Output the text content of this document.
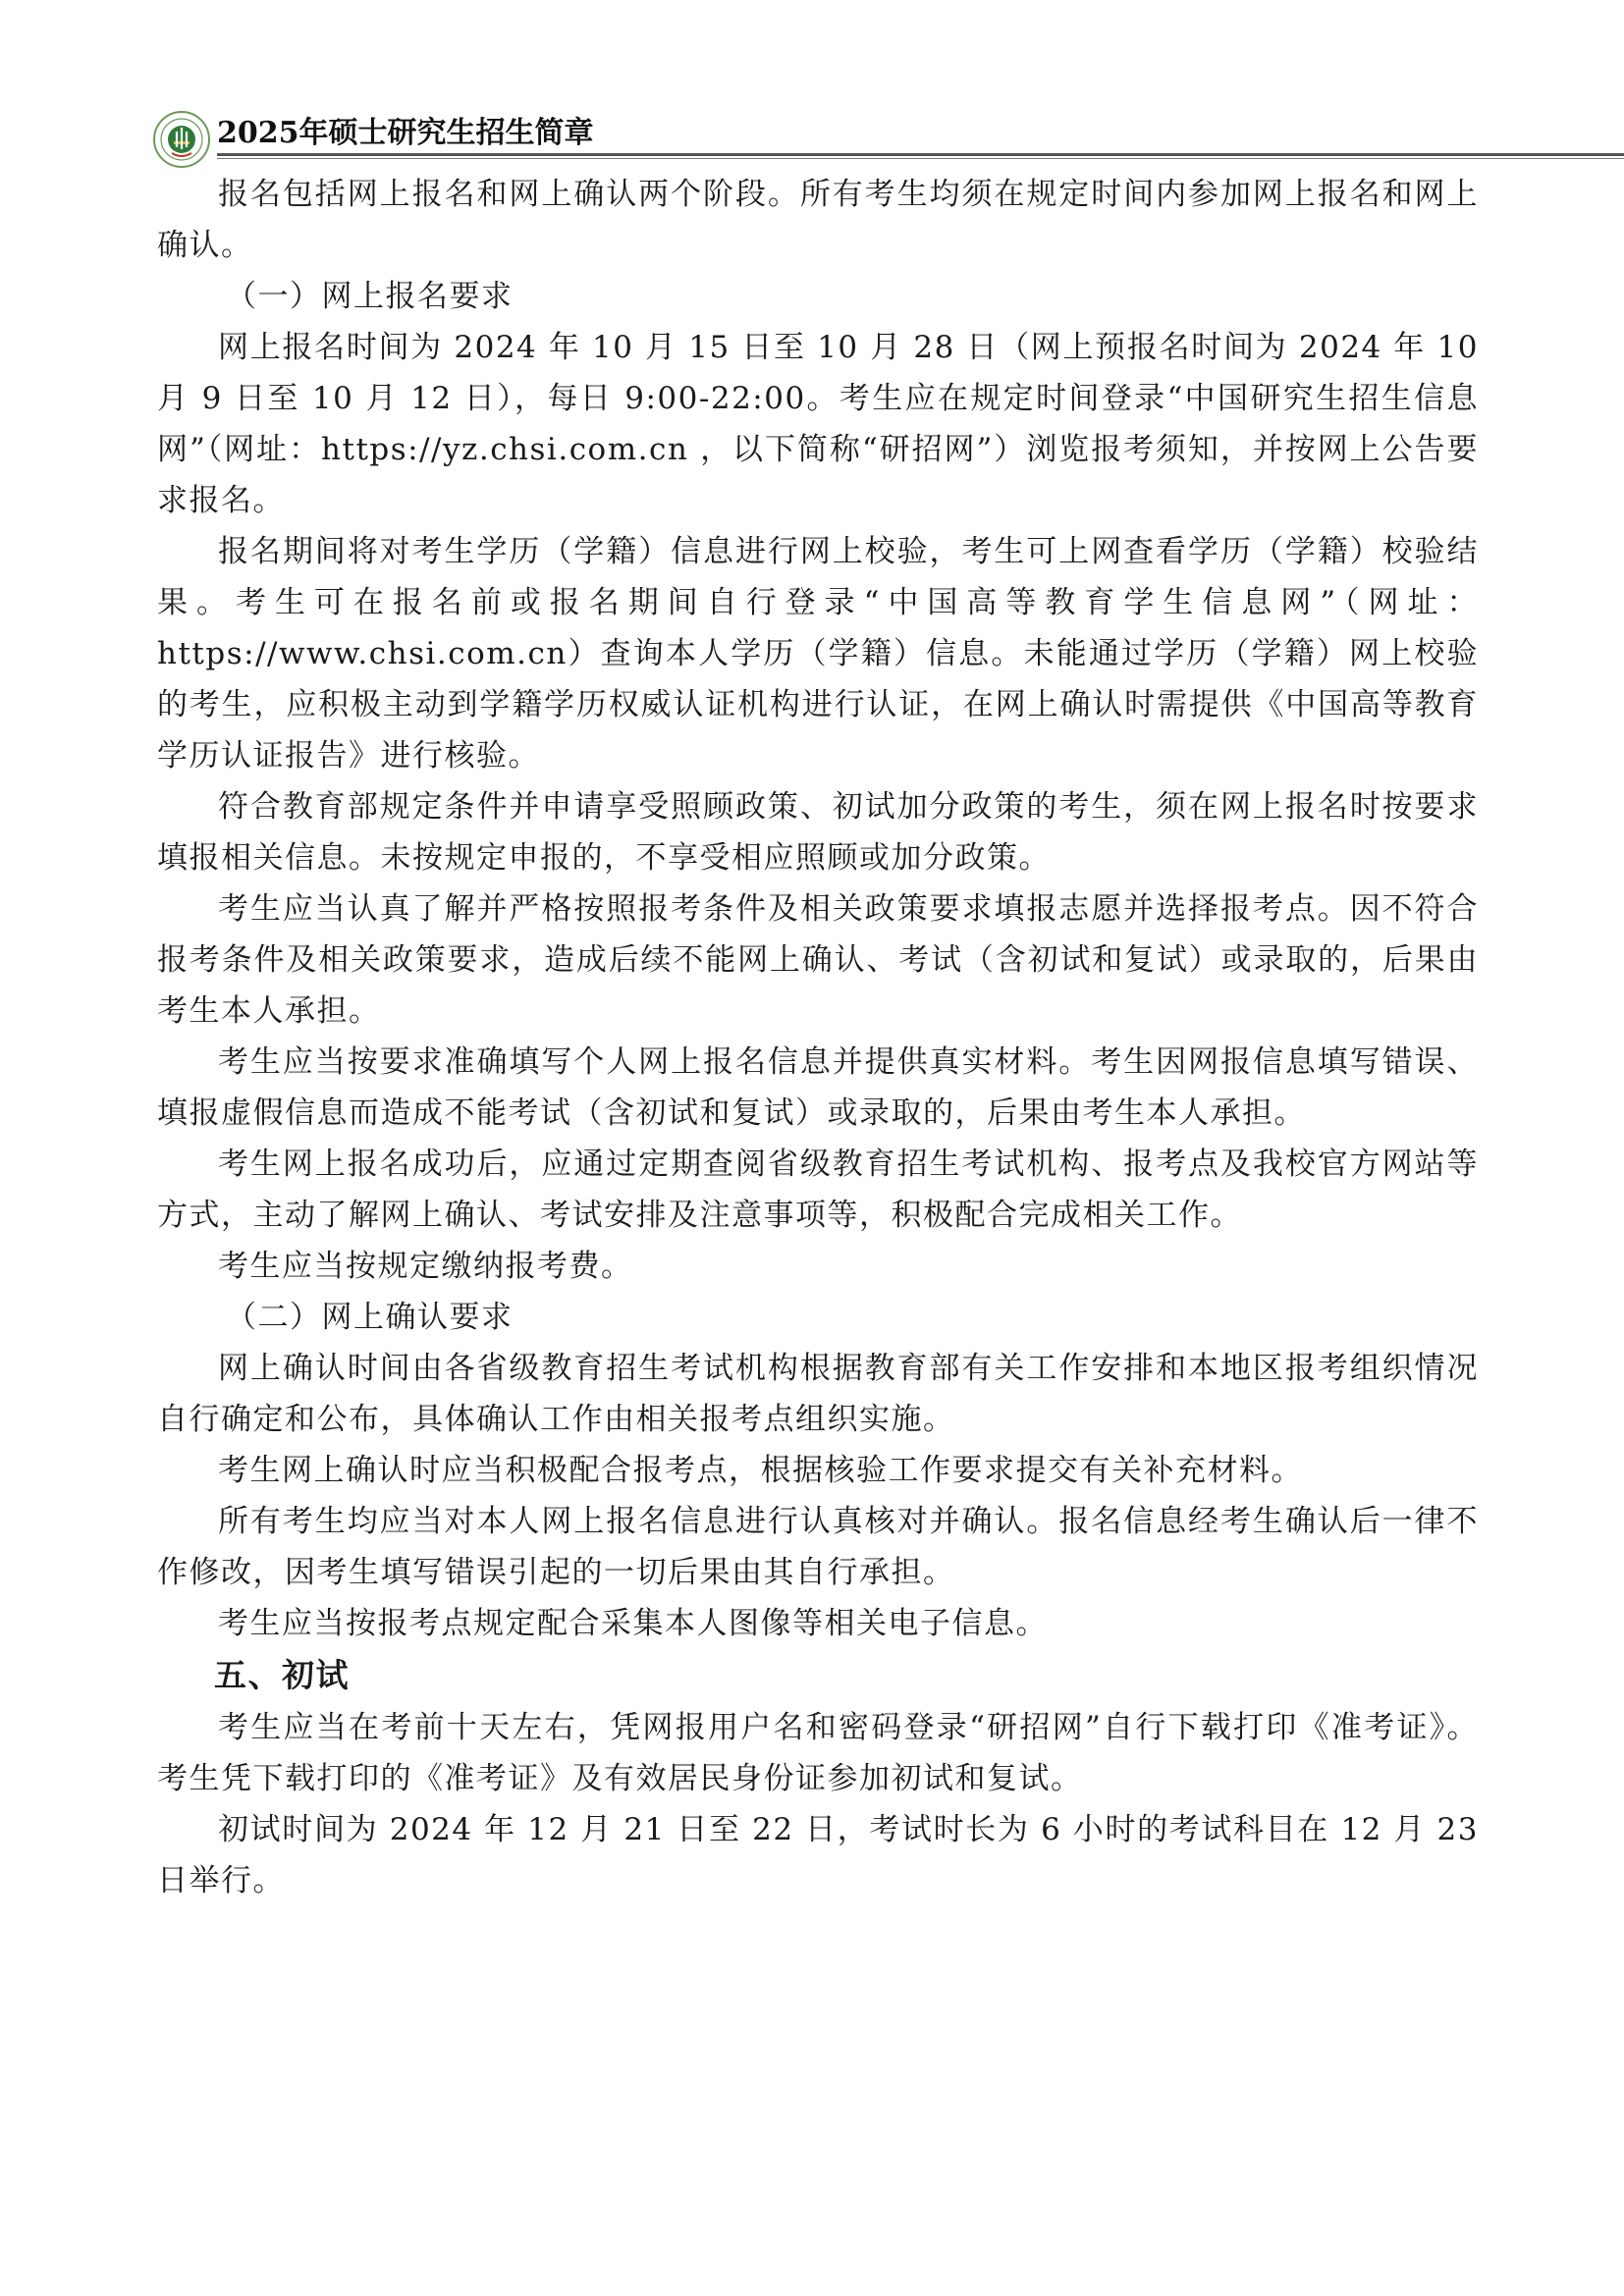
2025年硕士研究生招生简章

报名包括网上报名和网上确认两个阶段。所有考生均须在规定时间内参加网上报名和网上确认。

（一）网上报名要求

网上报名时间为 2024 年 10 月 15 日至 10 月 28 日（网上预报名时间为 2024 年 10 月 9 日至 10 月 12 日），每日 9:00-22:00。考生应在规定时间登录“中国研究生招生信息网”（网址：https://yz.chsi.com.cn ，以下简称“研招网”）浏览报考须知，并按网上公告要求报名。

报名期间将对考生学历（学籍）信息进行网上校验，考生可上网查看学历（学籍）校验结果。考生可在报名前或报名期间自行登录“中国高等教育学生信息网”（网址：https://www.chsi.com.cn）查询本人学历（学籍）信息。未能通过学历（学籍）网上校验的考生，应积极主动到学籍学历权威认证机构进行认证，在网上确认时需提供《中国高等教育学历认证报告》进行核验。

符合教育部规定条件并申请享受照顾政策、初试加分政策的考生，须在网上报名时按要求填报相关信息。未按规定申报的，不享受相应照顾或加分政策。

考生应当认真了解并严格按照报考条件及相关政策要求填报志愿并选择报考点。因不符合报考条件及相关政策要求，造成后续不能网上确认、考试（含初试和复试）或录取的，后果由考生本人承担。

考生应当按要求准确填写个人网上报名信息并提供真实材料。考生因网报信息填写错误、填报虚假信息而造成不能考试（含初试和复试）或录取的，后果由考生本人承担。

考生网上报名成功后，应通过定期查阅省级教育招生考试机构、报考点及我校官方网站等方式，主动了解网上确认、考试安排及注意事项等，积极配合完成相关工作。

考生应当按规定缴纳报考费。

（二）网上确认要求

网上确认时间由各省级教育招生考试机构根据教育部有关工作安排和本地区报考组织情况自行确定和公布，具体确认工作由相关报考点组织实施。

考生网上确认时应当积极配合报考点，根据核验工作要求提交有关补充材料。

所有考生均应当对本人网上报名信息进行认真核对并确认。报名信息经考生确认后一律不作修改，因考生填写错误引起的一切后果由其自行承担。

考生应当按报考点规定配合采集本人图像等相关电子信息。

五、初试

考生应当在考前十天左右，凭网报用户名和密码登录“研招网”自行下载打印《准考证》。考生凭下载打印的《准考证》及有效居民身份证参加初试和复试。

初试时间为 2024 年 12 月 21 日至 22 日，考试时长为 6 小时的考试科目在 12 月 23 日举行。
